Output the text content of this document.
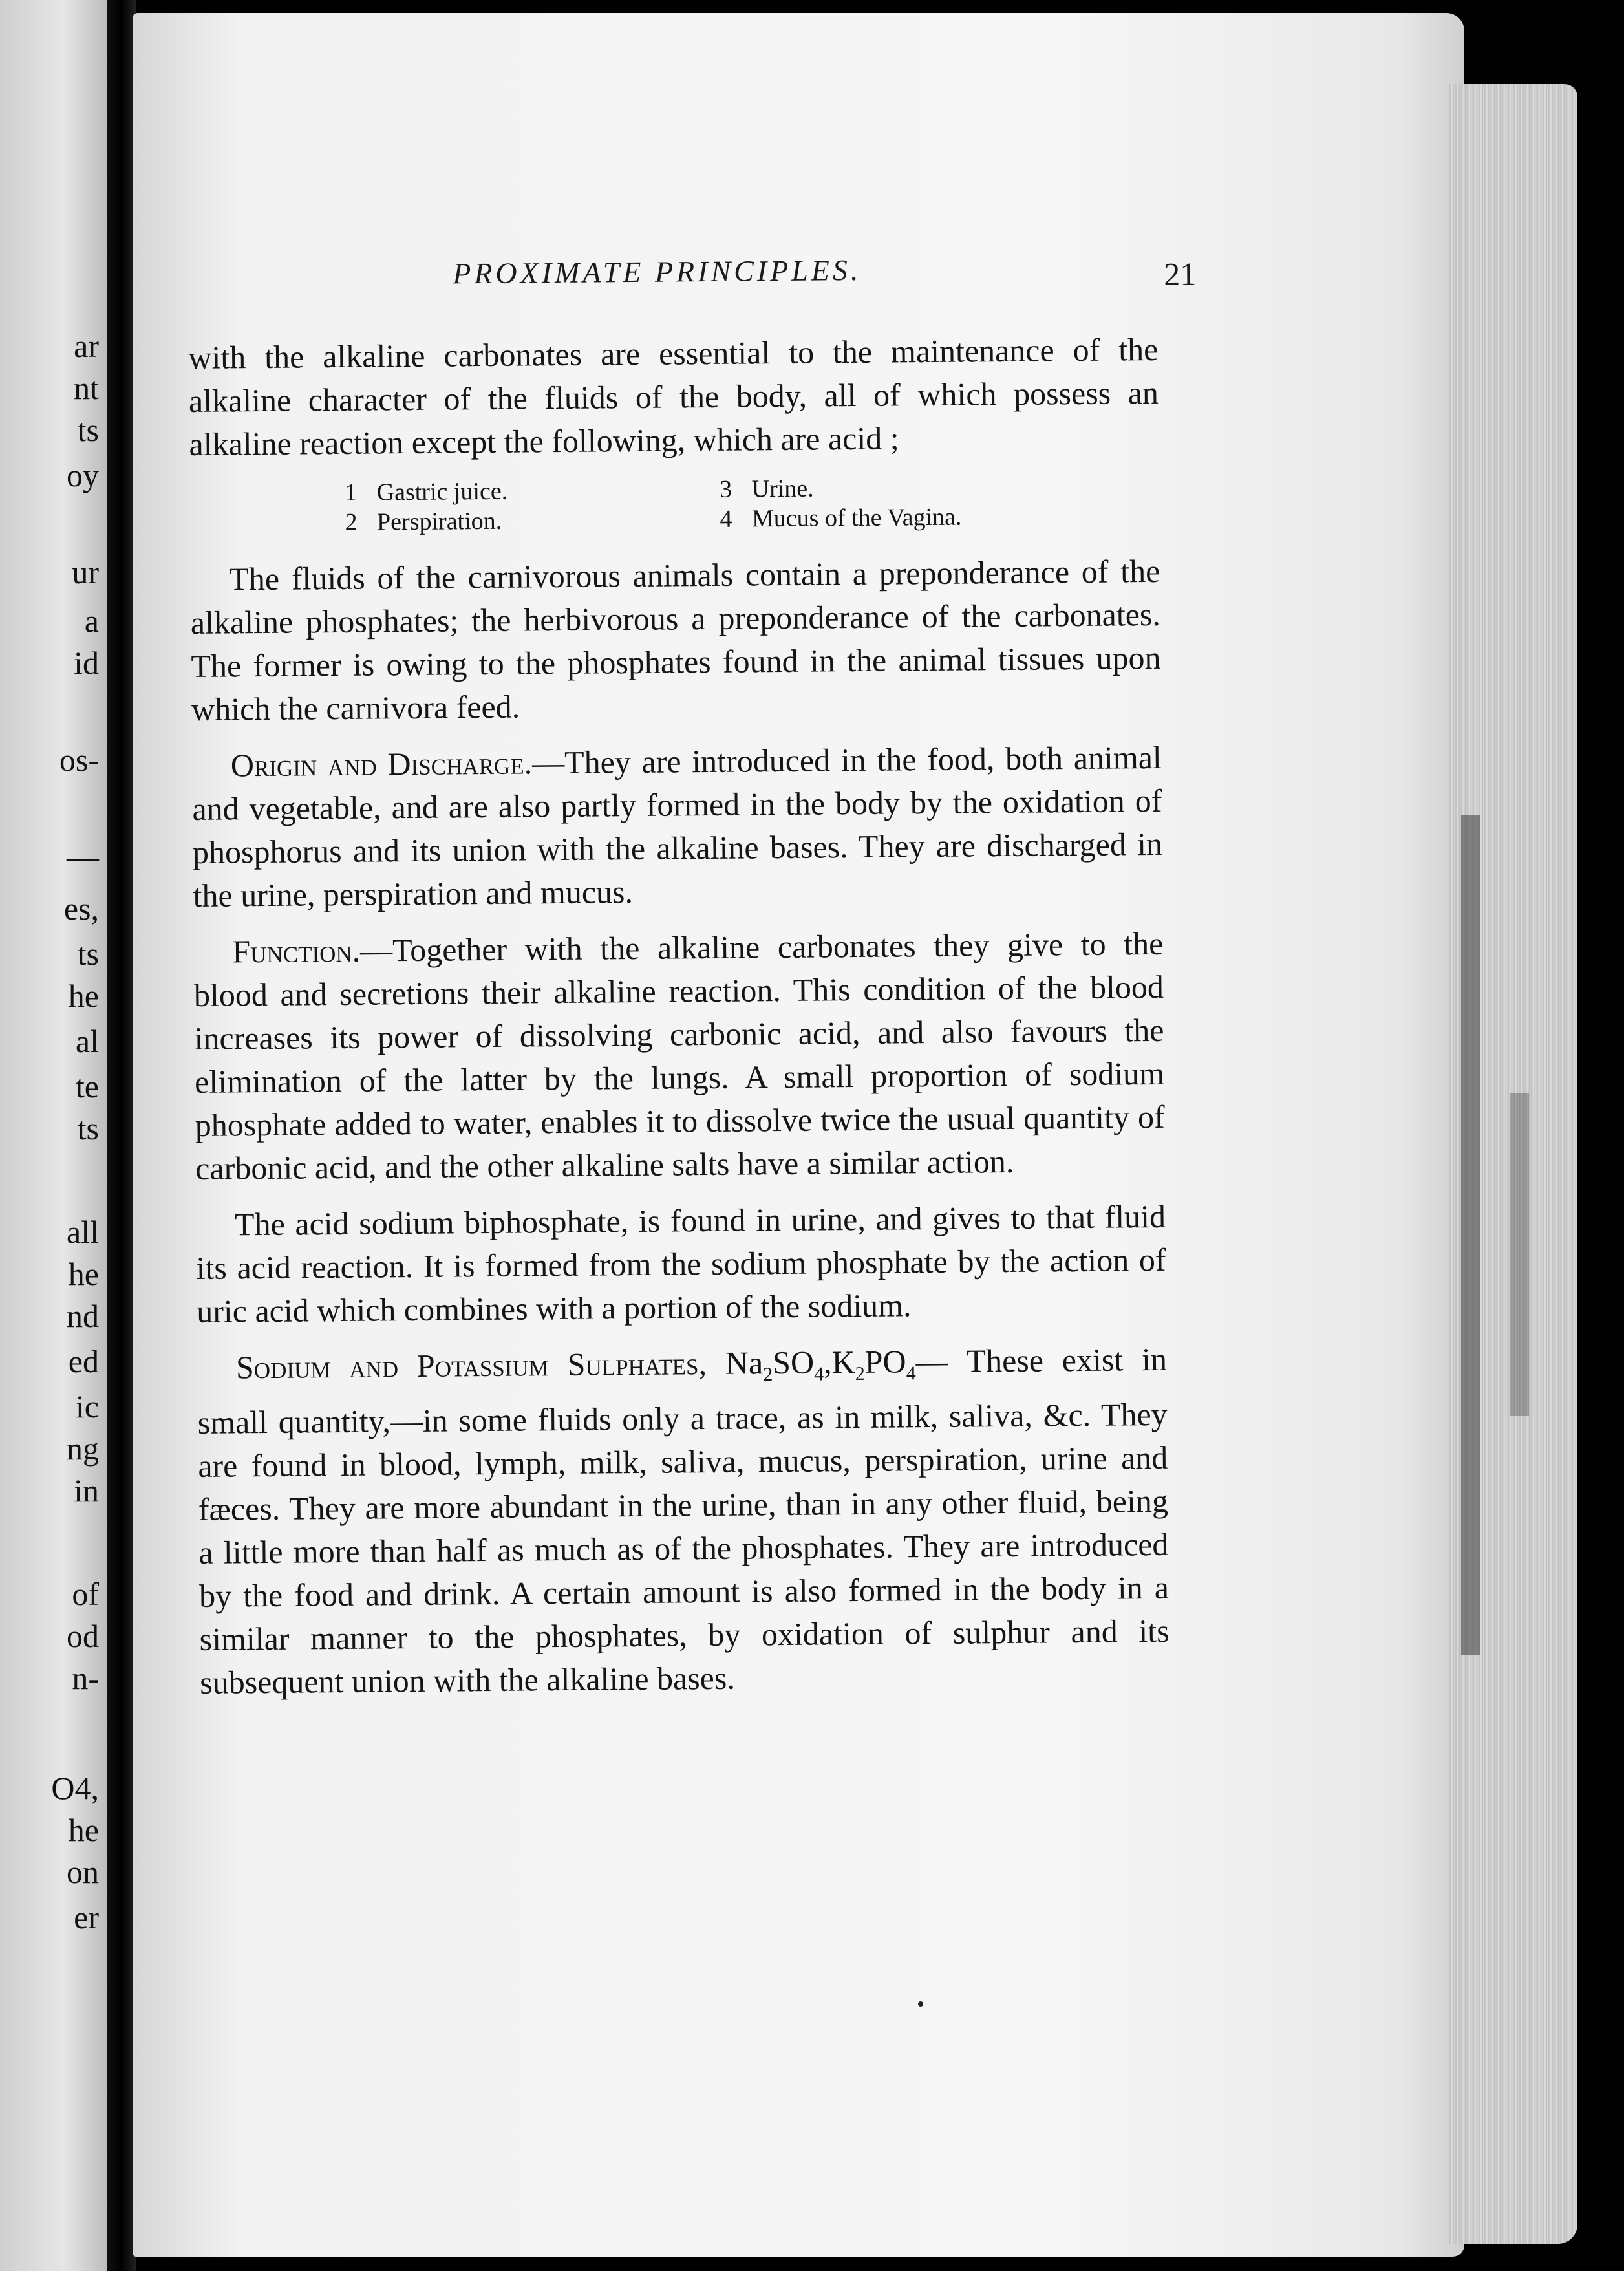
ar
nt
ts
oy
ur
a
id
os-
—
es,
ts
he
al
te
ts
all
he
nd
ed
ic
ng
in
of
od
n-
O4,
he
on
er
PROXIMATE PRINCIPLES.	21

with the alkaline carbonates are essential to the maintenance of the alkaline character of the fluids of the body, all of which possess an alkaline reaction except the following, which are acid ;

1 Gastric juice.	3 Urine.
2 Perspiration.	4 Mucus of the Vagina.

The fluids of the carnivorous animals contain a preponderance of the alkaline phosphates; the herbivorous a preponderance of the carbonates. The former is owing to the phosphates found in the animal tissues upon which the carnivora feed.

Origin and Discharge.—They are introduced in the food, both animal and vegetable, and are also partly formed in the body by the oxidation of phosphorus and its union with the alkaline bases. They are discharged in the urine, perspiration and mucus.

Function.—Together with the alkaline carbonates they give to the blood and secretions their alkaline reaction. This condition of the blood increases its power of dissolving carbonic acid, and also favours the elimination of the latter by the lungs. A small proportion of sodium phosphate added to water, enables it to dissolve twice the usual quantity of carbonic acid, and the other alkaline salts have a similar action.

The acid sodium biphosphate, is found in urine, and gives to that fluid its acid reaction. It is formed from the sodium phosphate by the action of uric acid which combines with a portion of the sodium.

Sodium and Potassium Sulphates, $Na_2SO_4,K_2PO_4—$ These exist in small quantity,—in some fluids only a trace, as in milk, saliva, &c. They are found in blood, lymph, milk, saliva, mucus, perspiration, urine and fæces. They are more abundant in the urine, than in any other fluid, being a little more than half as much as of the phosphates. They are introduced by the food and drink. A certain amount is also formed in the body in a similar manner to the phosphates, by oxidation of sulphur and its subsequent union with the alkaline bases.
